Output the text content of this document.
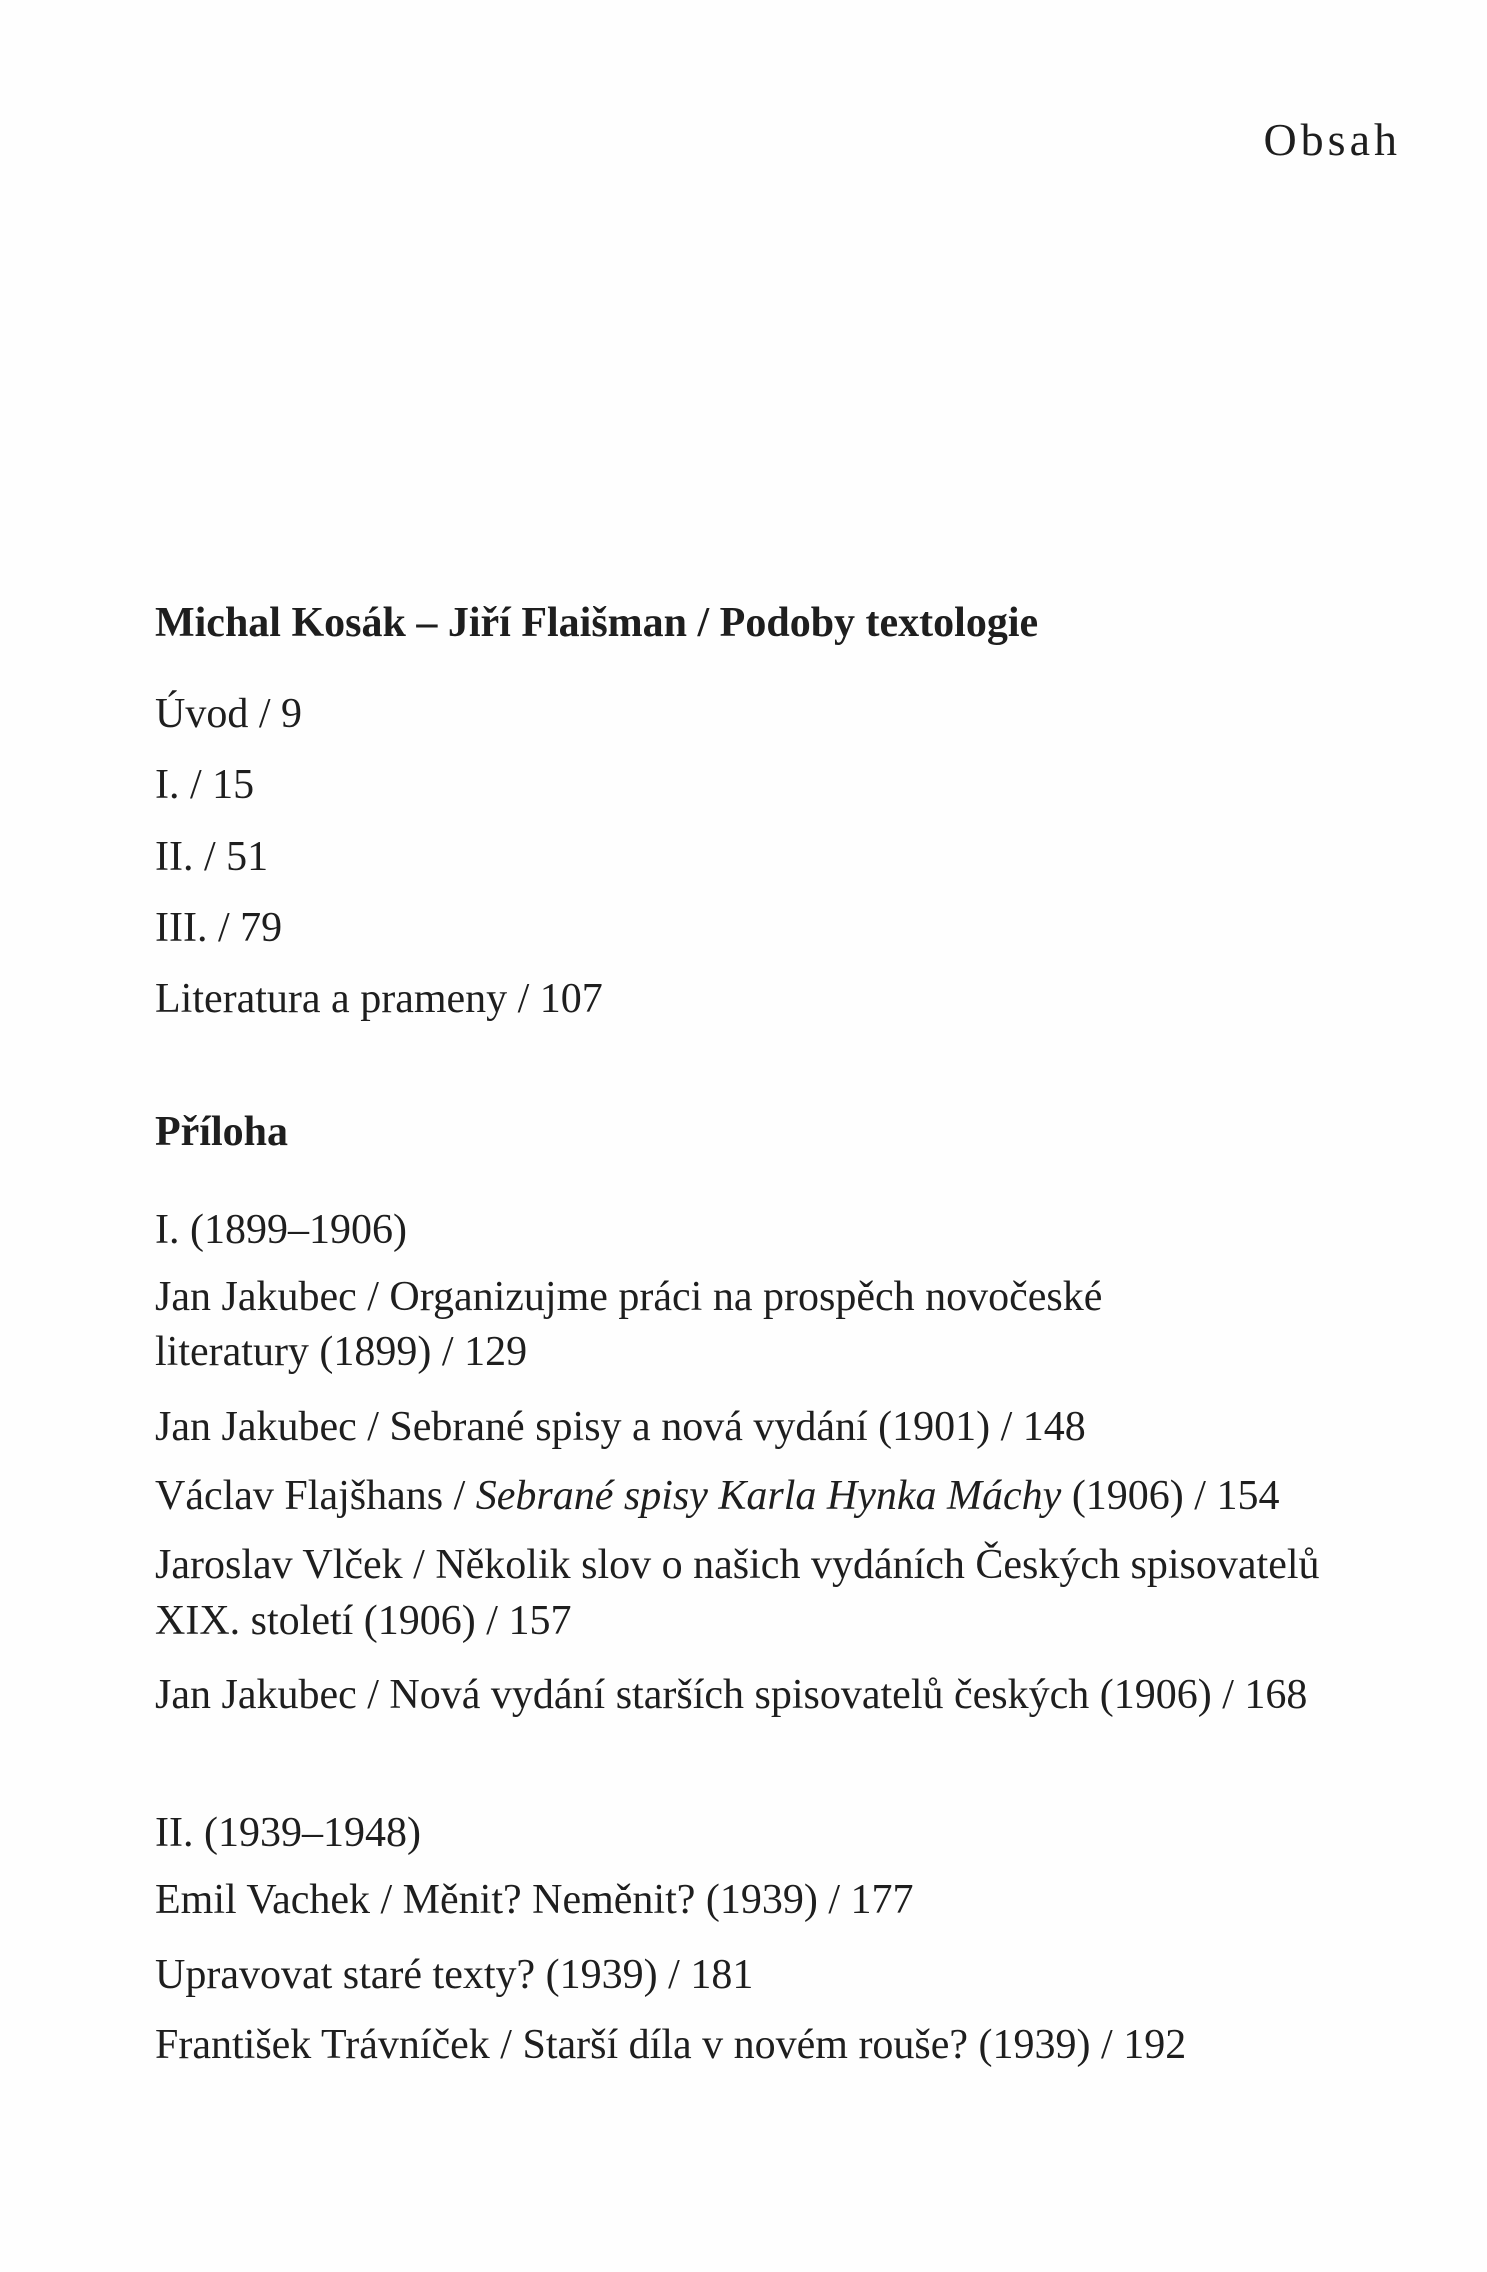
Obsah
Michal Kosák – Jiří Flaišman / Podoby textologie
Úvod / 9
I. / 15
II. / 51
III. / 79
Literatura a prameny / 107
Příloha
I. (1899–1906)
Jan Jakubec / Organizujme práci na prospěch novočeské
literatury (1899) / 129
Jan Jakubec / Sebrané spisy a nová vydání (1901) / 148
Václav Flajšhans / Sebrané spisy Karla Hynka Máchy (1906) / 154
Jaroslav Vlček / Několik slov o našich vydáních Českých spisovatelů
XIX. století (1906) / 157
Jan Jakubec / Nová vydání starších spisovatelů českých (1906) / 168
II. (1939–1948)
Emil Vachek / Měnit? Neměnit? (1939) / 177
Upravovat staré texty? (1939) / 181
František Trávníček / Starší díla v novém rouše? (1939) / 192
